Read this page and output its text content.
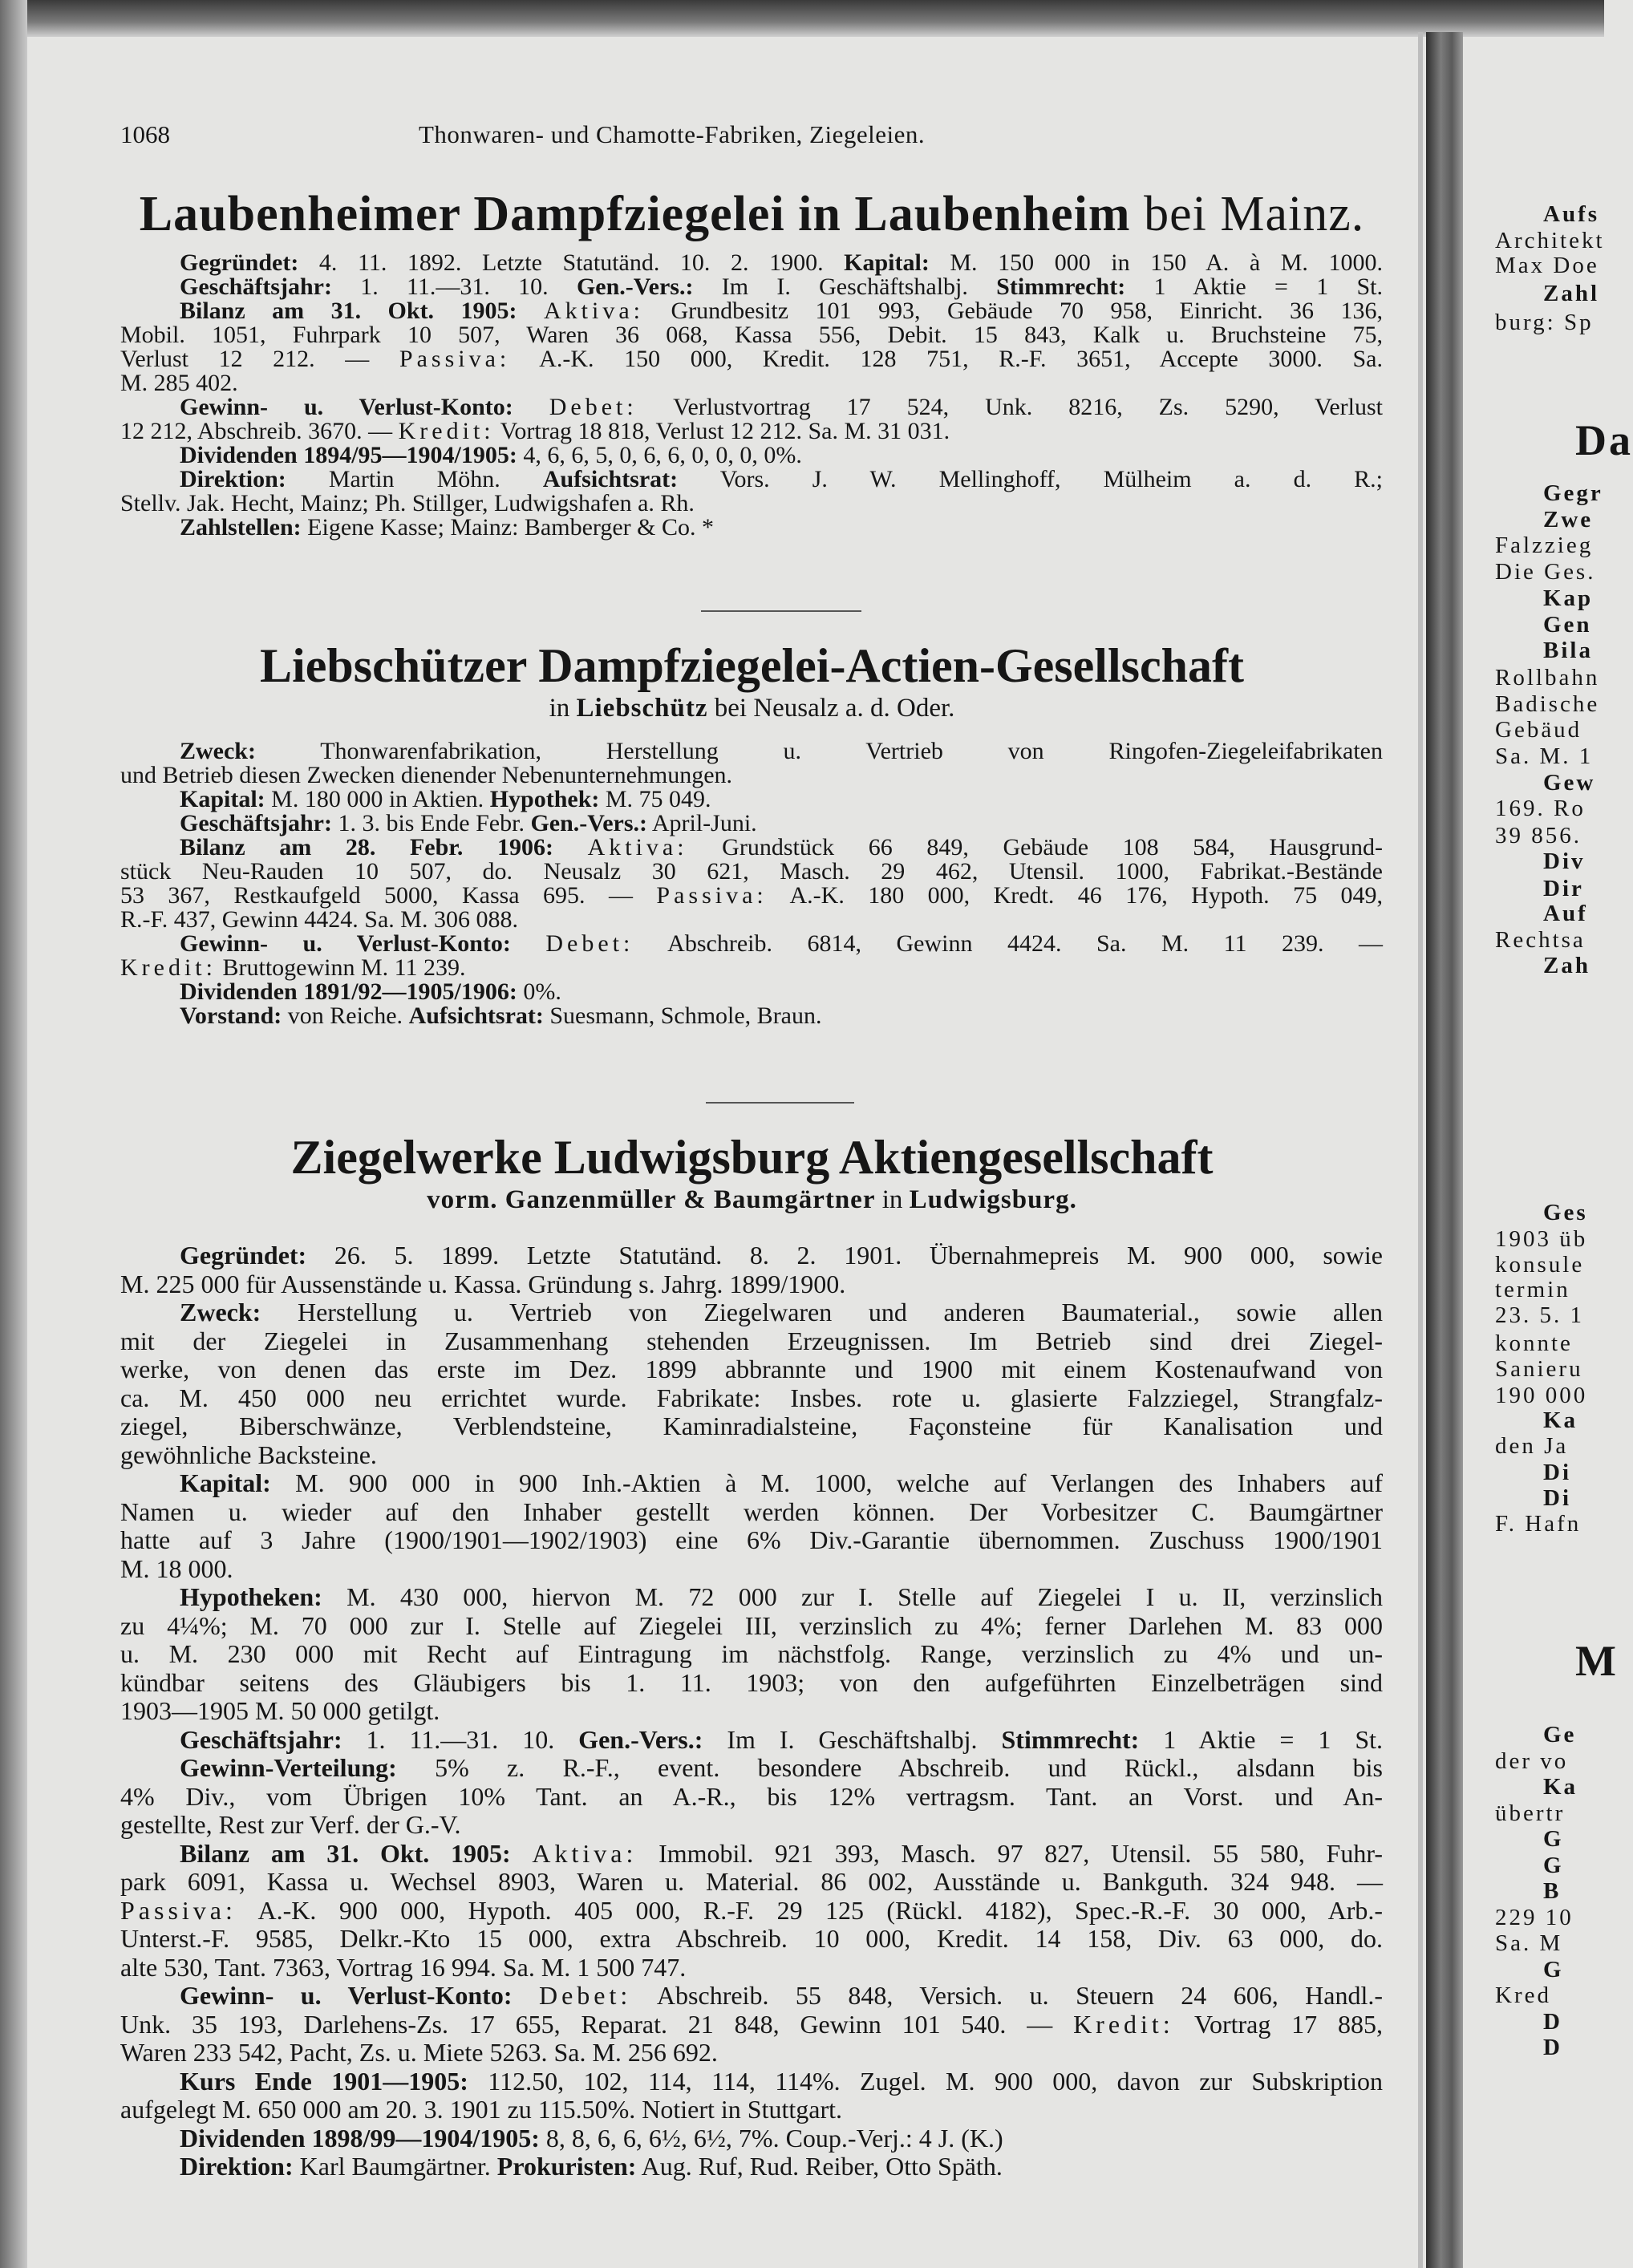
1068	Thonwaren- und Chamotte-Fabriken, Ziegeleien.
Laubenheimer Dampfziegelei in Laubenheim bei Mainz.
Gegründet: 4. 11. 1892. Letzte Statutänd. 10. 2. 1900. Kapital: M. 150 000 in 150 A. à M. 1000.
Geschäftsjahr: 1. 11.—31. 10. Gen.-Vers.: Im I. Geschäftshalbj. Stimmrecht: 1 Aktie = 1 St.
Bilanz am 31. Okt. 1905: Aktiva: Grundbesitz 101 993, Gebäude 70 958, Einricht. 36 136,
Mobil. 1051, Fuhrpark 10 507, Waren 36 068, Kassa 556, Debit. 15 843, Kalk u. Bruchsteine 75,
Verlust 12 212. — Passiva: A.-K. 150 000, Kredit. 128 751, R.-F. 3651, Accepte 3000. Sa.
M. 285 402.
Gewinn- u. Verlust-Konto: Debet: Verlustvortrag 17 524, Unk. 8216, Zs. 5290, Verlust
12 212, Abschreib. 3670. — Kredit: Vortrag 18 818, Verlust 12 212. Sa. M. 31 031.
Dividenden 1894/95—1904/1905: 4, 6, 6, 5, 0, 6, 6, 0, 0, 0, 0%.
Direktion: Martin Möhn. Aufsichtsrat: Vors. J. W. Mellinghoff, Mülheim a. d. R.;
Stellv. Jak. Hecht, Mainz; Ph. Stillger, Ludwigshafen a. Rh.
Zahlstellen: Eigene Kasse; Mainz: Bamberger & Co. *
Liebschützer Dampfziegelei-Actien-Gesellschaft
in Liebschütz bei Neusalz a. d. Oder.
Zweck: Thonwarenfabrikation, Herstellung u. Vertrieb von Ringofen-Ziegeleifabrikaten
und Betrieb diesen Zwecken dienender Nebenunternehmungen.
Kapital: M. 180 000 in Aktien. Hypothek: M. 75 049.
Geschäftsjahr: 1. 3. bis Ende Febr. Gen.-Vers.: April-Juni.
Bilanz am 28. Febr. 1906: Aktiva: Grundstück 66 849, Gebäude 108 584, Hausgrund-
stück Neu-Rauden 10 507, do. Neusalz 30 621, Masch. 29 462, Utensil. 1000, Fabrikat.-Bestände
53 367, Restkaufgeld 5000, Kassa 695. — Passiva: A.-K. 180 000, Kredt. 46 176, Hypoth. 75 049,
R.-F. 437, Gewinn 4424. Sa. M. 306 088.
Gewinn- u. Verlust-Konto: Debet: Abschreib. 6814, Gewinn 4424. Sa. M. 11 239. —
Kredit: Bruttogewinn M. 11 239.
Dividenden 1891/92—1905/1906: 0%.
Vorstand: von Reiche. Aufsichtsrat: Suesmann, Schmole, Braun.
Ziegelwerke Ludwigsburg Aktiengesellschaft
vorm. Ganzenmüller & Baumgärtner in Ludwigsburg.
Gegründet: 26. 5. 1899. Letzte Statutänd. 8. 2. 1901. Übernahmepreis M. 900 000, sowie
M. 225 000 für Aussenstände u. Kassa. Gründung s. Jahrg. 1899/1900.
Zweck: Herstellung u. Vertrieb von Ziegelwaren und anderen Baumaterial., sowie allen
mit der Ziegelei in Zusammenhang stehenden Erzeugnissen. Im Betrieb sind drei Ziegel-
werke, von denen das erste im Dez. 1899 abbrannte und 1900 mit einem Kostenaufwand von
ca. M. 450 000 neu errichtet wurde. Fabrikate: Insbes. rote u. glasierte Falzziegel, Strangfalz-
ziegel, Biberschwänze, Verblendsteine, Kaminradialsteine, Façonsteine für Kanalisation und
gewöhnliche Backsteine.
Kapital: M. 900 000 in 900 Inh.-Aktien à M. 1000, welche auf Verlangen des Inhabers auf
Namen u. wieder auf den Inhaber gestellt werden können. Der Vorbesitzer C. Baumgärtner
hatte auf 3 Jahre (1900/1901—1902/1903) eine 6% Div.-Garantie übernommen. Zuschuss 1900/1901
M. 18 000.
Hypotheken: M. 430 000, hiervon M. 72 000 zur I. Stelle auf Ziegelei I u. II, verzinslich
zu 4¼%; M. 70 000 zur I. Stelle auf Ziegelei III, verzinslich zu 4%; ferner Darlehen M. 83 000
u. M. 230 000 mit Recht auf Eintragung im nächstfolg. Range, verzinslich zu 4% und un-
kündbar seitens des Gläubigers bis 1. 11. 1903; von den aufgeführten Einzelbeträgen sind
1903—1905 M. 50 000 getilgt.
Geschäftsjahr: 1. 11.—31. 10. Gen.-Vers.: Im I. Geschäftshalbj. Stimmrecht: 1 Aktie = 1 St.
Gewinn-Verteilung: 5% z. R.-F., event. besondere Abschreib. und Rückl., alsdann bis
4% Div., vom Übrigen 10% Tant. an A.-R., bis 12% vertragsm. Tant. an Vorst. und An-
gestellte, Rest zur Verf. der G.-V.
Bilanz am 31. Okt. 1905: Aktiva: Immobil. 921 393, Masch. 97 827, Utensil. 55 580, Fuhr-
park 6091, Kassa u. Wechsel 8903, Waren u. Material. 86 002, Ausstände u. Bankguth. 324 948. —
Passiva: A.-K. 900 000, Hypoth. 405 000, R.-F. 29 125 (Rückl. 4182), Spec.-R.-F. 30 000, Arb.-
Unterst.-F. 9585, Delkr.-Kto 15 000, extra Abschreib. 10 000, Kredit. 14 158, Div. 63 000, do.
alte 530, Tant. 7363, Vortrag 16 994. Sa. M. 1 500 747.
Gewinn- u. Verlust-Konto: Debet: Abschreib. 55 848, Versich. u. Steuern 24 606, Handl.-
Unk. 35 193, Darlehens-Zs. 17 655, Reparat. 21 848, Gewinn 101 540. — Kredit: Vortrag 17 885,
Waren 233 542, Pacht, Zs. u. Miete 5263. Sa. M. 256 692.
Kurs Ende 1901—1905: 112.50, 102, 114, 114, 114%. Zugel. M. 900 000, davon zur Subskription
aufgelegt M. 650 000 am 20. 3. 1901 zu 115.50%. Notiert in Stuttgart.
Dividenden 1898/99—1904/1905: 8, 8, 6, 6, 6½, 6½, 7%. Coup.-Verj.: 4 J. (K.)
Direktion: Karl Baumgärtner. Prokuristen: Aug. Ruf, Rud. Reiber, Otto Späth.
Aufs
Architekt
Max Doe
Zahl
burg: Sp
Da
Gegr
Zwe
Falzzieg
Die Ges.
Kap
Gen
Bila
Rollbahn
Badische
Gebäud
Sa. M. 1
Gew
169. Ro
39 856.
Div
Dir
Auf
Rechtsa
Zah
Ges
1903 üb
konsule
termin
23. 5. 1
konnte
Sanieru
190 000
Ka
den Ja
Di
Di
F. Hafn
M
Ge
der vo
Ka
übertr
G
G
B
229 10
Sa. M
G
Kred
D
D
